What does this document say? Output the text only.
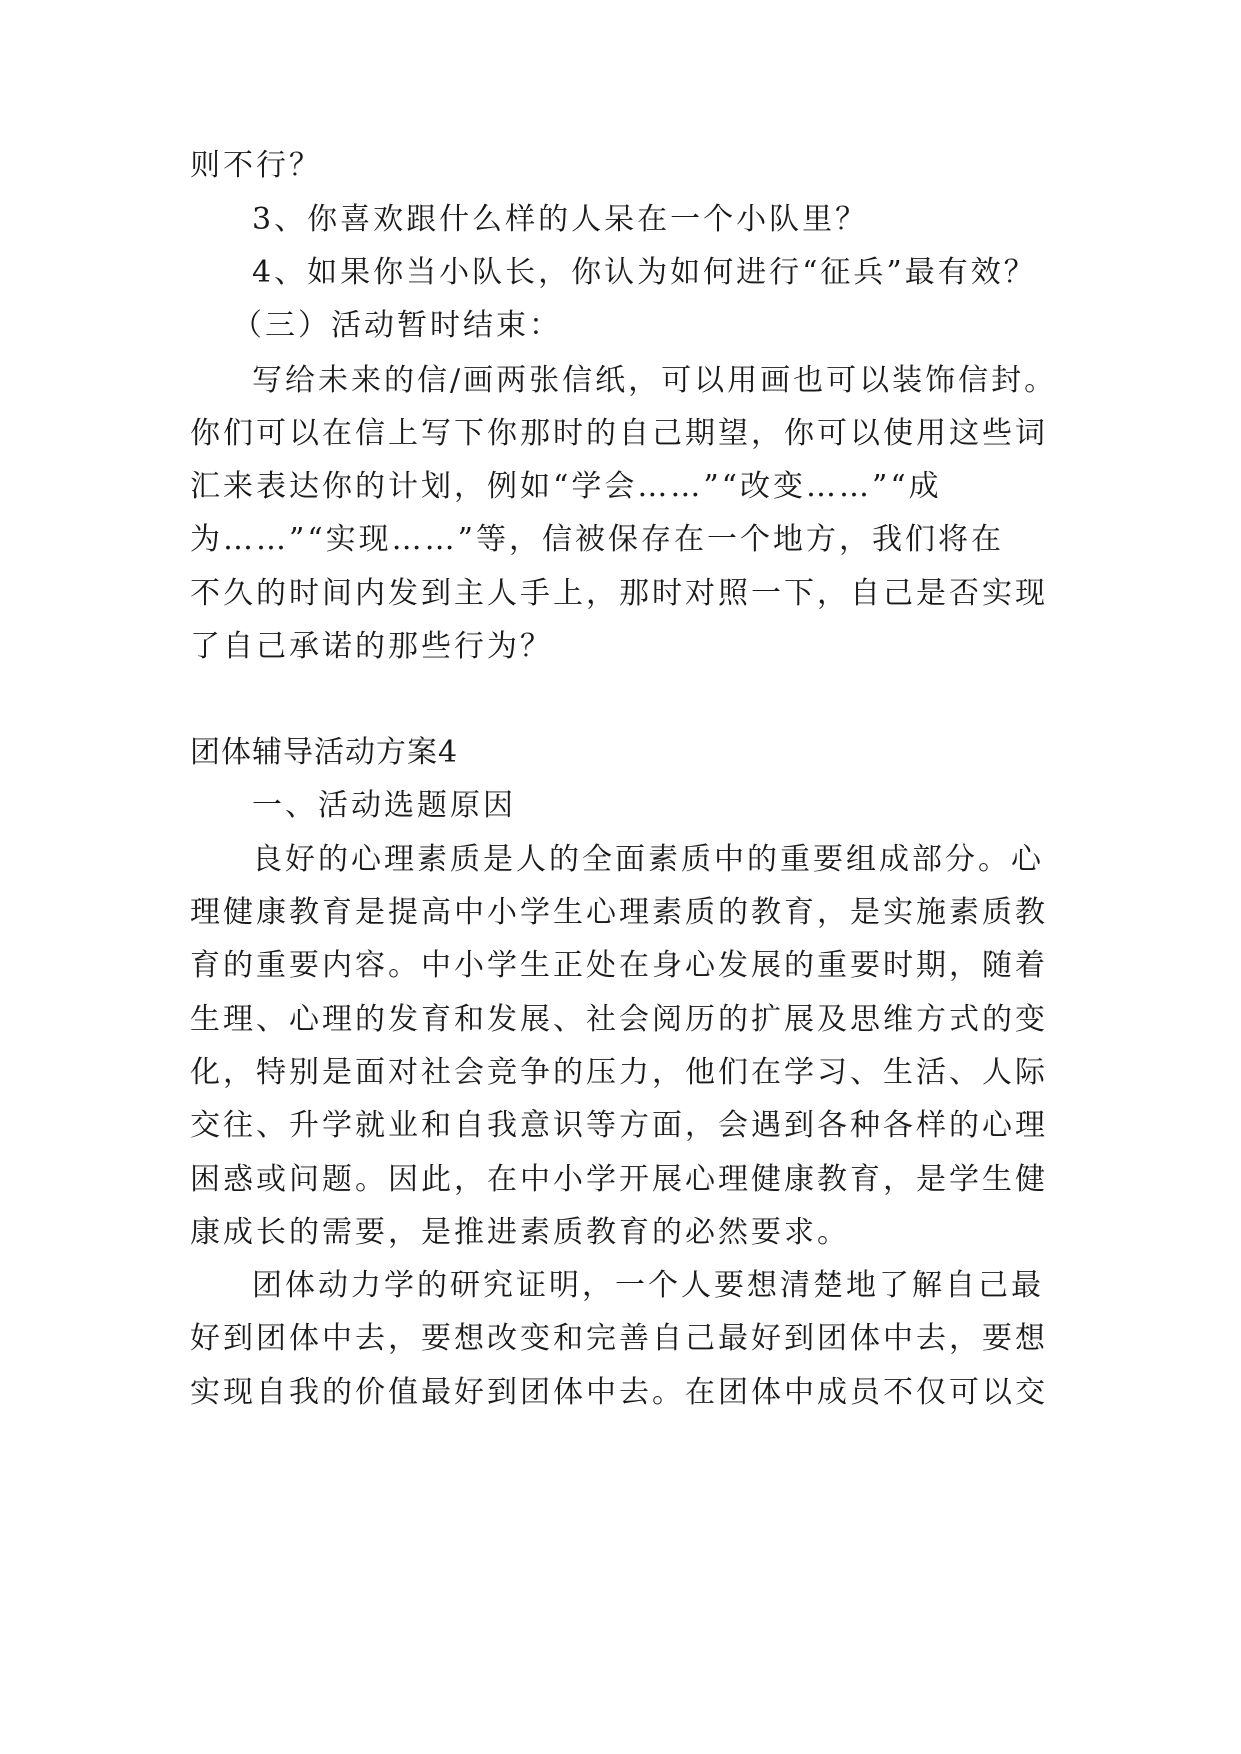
则不行？
3、你喜欢跟什么样的人呆在一个小队里？
4、如果你当小队长，你认为如何进行“征兵”最有效？
（三）活动暂时结束：
写给未来的信/画两张信纸，可以用画也可以装饰信封。
你们可以在信上写下你那时的自己期望，你可以使用这些词
汇来表达你的计划，例如“学会……”“改变……”“成
为……”“实现……”等，信被保存在一个地方，我们将在
不久的时间内发到主人手上，那时对照一下，自己是否实现
了自己承诺的那些行为？
团体辅导活动方案4
一、活动选题原因
良好的心理素质是人的全面素质中的重要组成部分。心
理健康教育是提高中小学生心理素质的教育，是实施素质教
育的重要内容。中小学生正处在身心发展的重要时期，随着
生理、心理的发育和发展、社会阅历的扩展及思维方式的变
化，特别是面对社会竞争的压力，他们在学习、生活、人际
交往、升学就业和自我意识等方面，会遇到各种各样的心理
困惑或问题。因此，在中小学开展心理健康教育，是学生健
康成长的需要，是推进素质教育的必然要求。
团体动力学的研究证明，一个人要想清楚地了解自己最
好到团体中去，要想改变和完善自己最好到团体中去，要想
实现自我的价值最好到团体中去。在团体中成员不仅可以交
